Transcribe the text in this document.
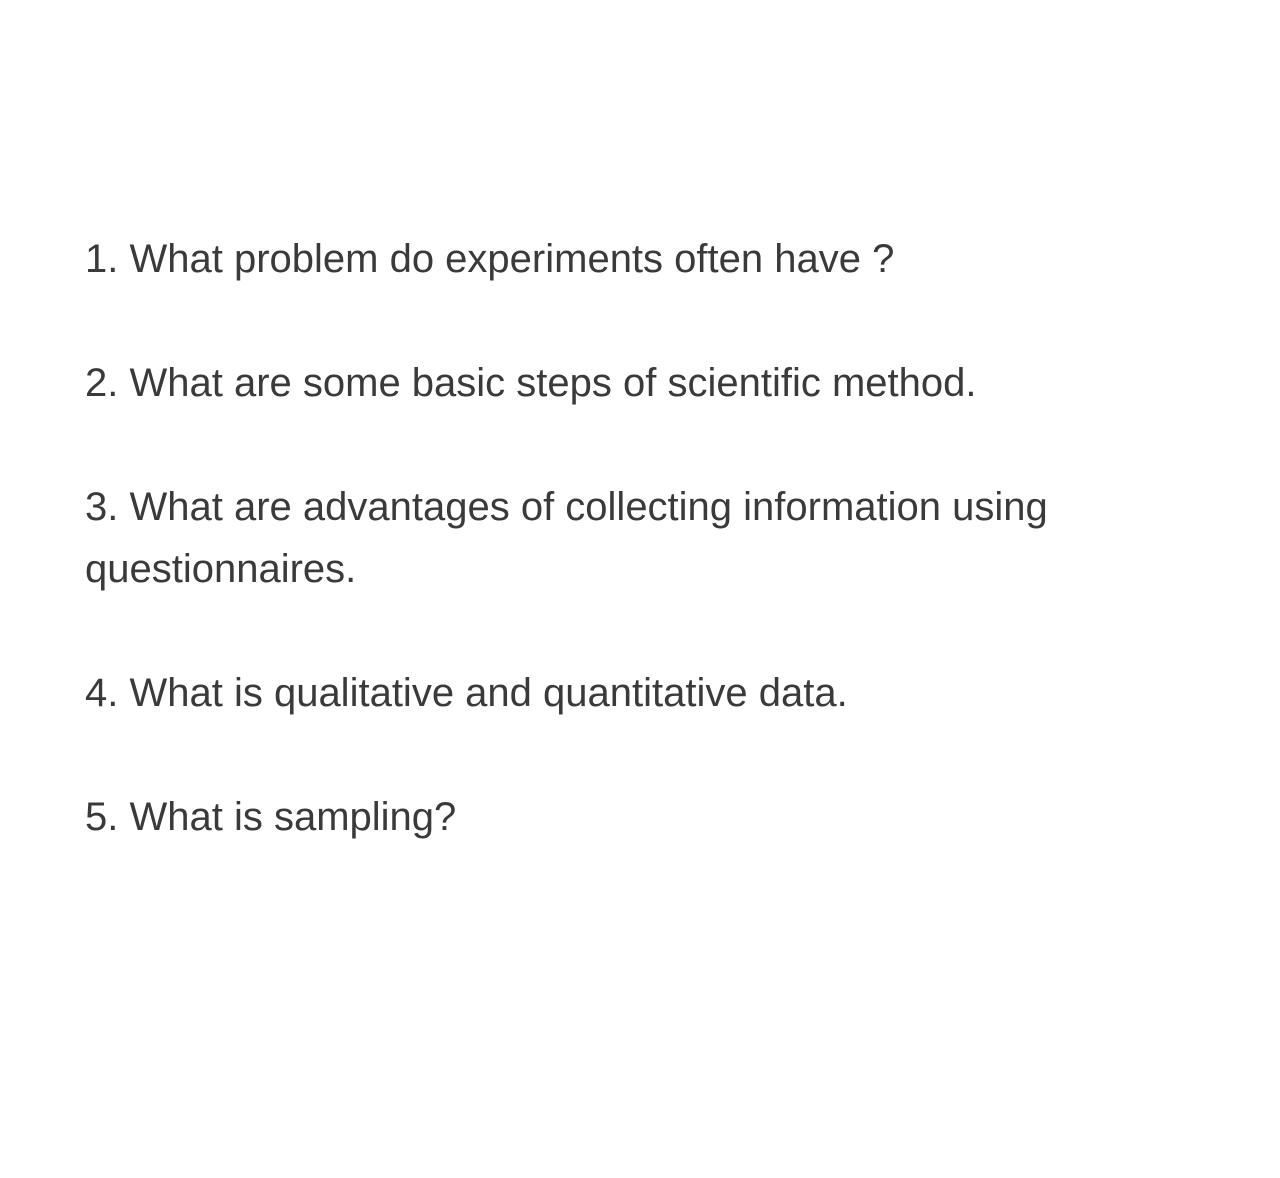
1. What problem do experiments often have ?

2. What are some basic steps of scientific method.

3. What are advantages of collecting information using questionnaires.

4. What is qualitative and quantitative data.

5. What is sampling?
